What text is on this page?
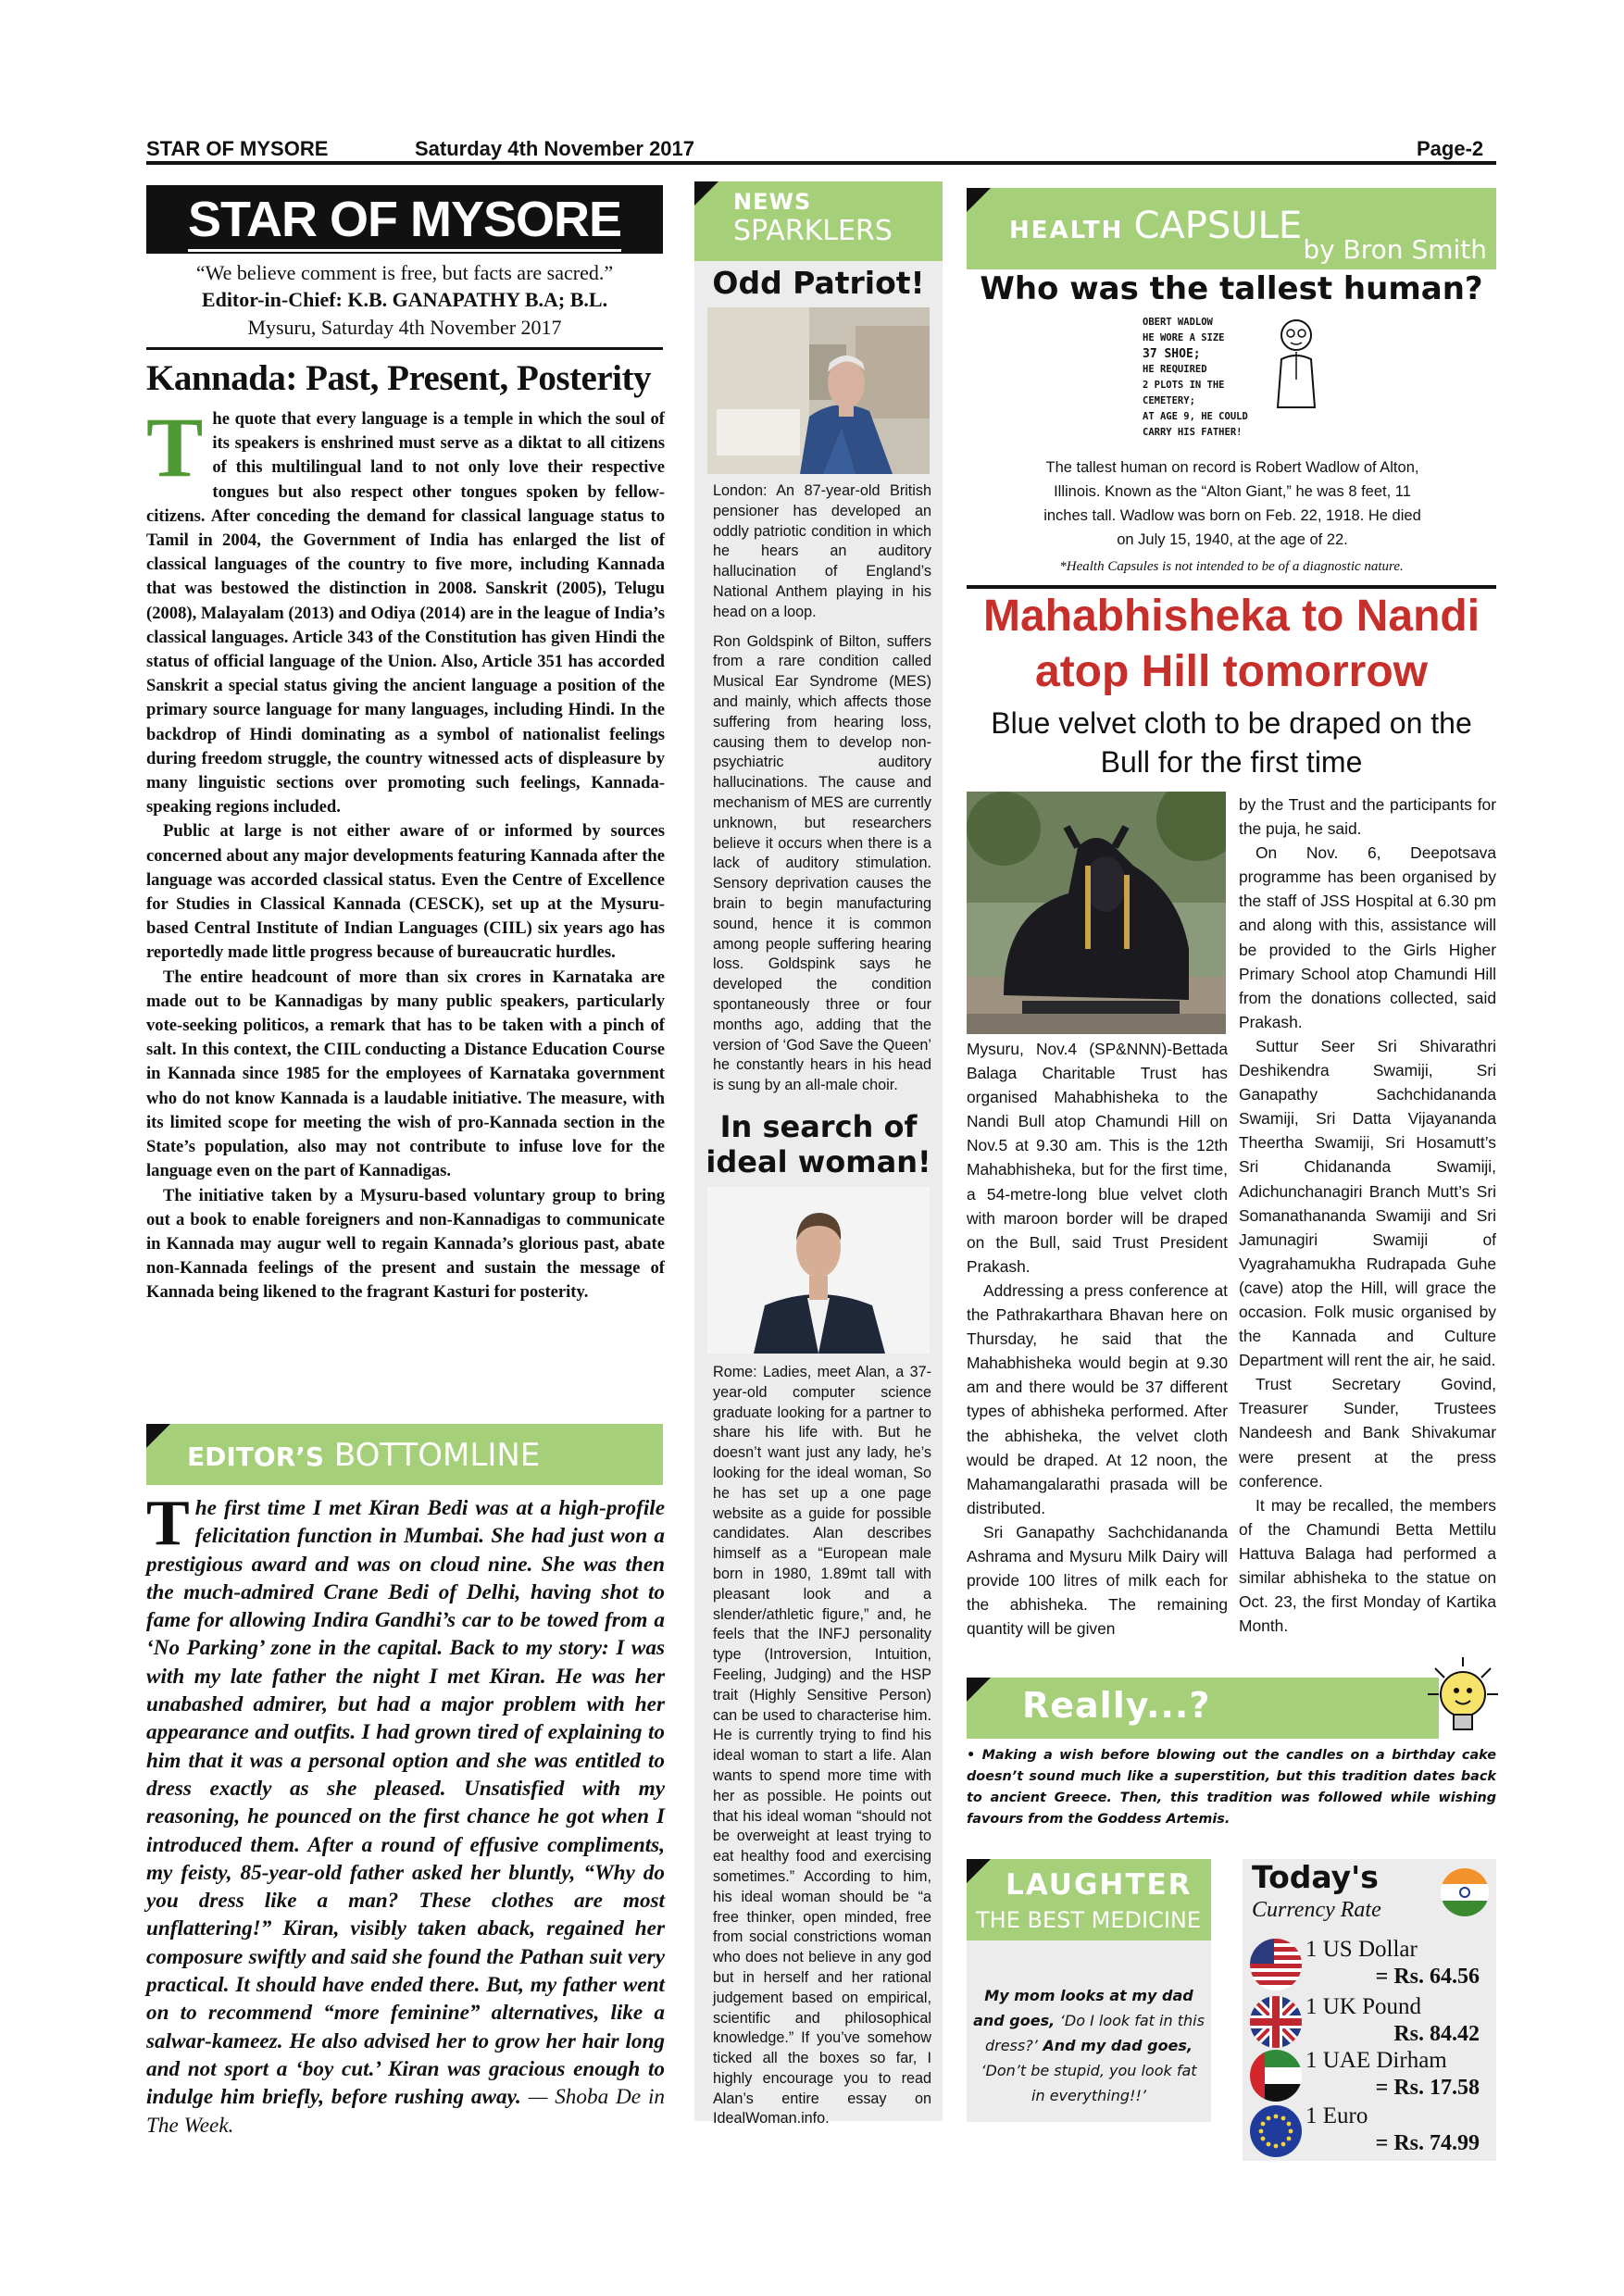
STAR OF MYSORE	Saturday 4th November 2017	Page-2
STAR OF MYSORE
“We believe comment is free, but facts are sacred.”
Editor-in-Chief: K.B. GANAPATHY B.A; B.L.
Mysuru, Saturday 4th November 2017
Kannada: Past, Present, Posterity

The quote that every language is a temple in which the soul of its speakers is enshrined must serve as a diktat to all citizens of this multilingual land to not only love their respective tongues but also respect other tongues spoken by fellow-citizens. After conceding the demand for classical language status to Tamil in 2004, the Government of India has enlarged the list of classical languages of the country to five more, including Kannada that was bestowed the distinction in 2008. Sanskrit (2005), Telugu (2008), Malayalam (2013) and Odiya (2014) are in the league of India’s classical languages. Article 343 of the Constitution has given Hindi the status of official language of the Union. Also, Article 351 has accorded Sanskrit a special status giving the ancient language a position of the primary source language for many languages, including Hindi. In the backdrop of Hindi dominating as a symbol of nationalist feelings during freedom struggle, the country witnessed acts of displeasure by many linguistic sections over promoting such feelings, Kannada-speaking regions included.

Public at large is not either aware of or informed by sources concerned about any major developments featuring Kannada after the language was accorded classical status. Even the Centre of Excellence for Studies in Classical Kannada (CESCK), set up at the Mysuru-based Central Institute of Indian Languages (CIIL) six years ago has reportedly made little progress because of bureaucratic hurdles.

The entire headcount of more than six crores in Karnataka are made out to be Kannadigas by many public speakers, particularly vote-seeking politicos, a remark that has to be taken with a pinch of salt. In this context, the CIIL conducting a Distance Education Course in Kannada since 1985 for the employees of Karnataka government who do not know Kannada is a laudable initiative. The measure, with its limited scope for meeting the wish of pro-Kannada section in the State’s population, also may not contribute to infuse love for the language even on the part of Kannadigas.

The initiative taken by a Mysuru-based voluntary group to bring out a book to enable foreigners and non-Kannadigas to communicate in Kannada may augur well to regain Kannada’s glorious past, abate non-Kannada feelings of the present and sustain the message of Kannada being likened to the fragrant Kasturi for posterity.

EDITOR’S BOTTOMLINE

The first time I met Kiran Bedi was at a high-profile felicitation function in Mumbai. She had just won a prestigious award and was on cloud nine. She was then the much-admired Crane Bedi of Delhi, having shot to fame for allowing Indira Gandhi’s car to be towed from a ‘No Parking’ zone in the capital. Back to my story: I was with my late father the night I met Kiran. He was her unabashed admirer, but had a major problem with her appearance and outfits. I had grown tired of explaining to him that it was a personal option and she was entitled to dress exactly as she pleased. Unsatisfied with my reasoning, he pounced on the first chance he got when I introduced them. After a round of effusive compliments, my feisty, 85-year-old father asked her bluntly, “Why do you dress like a man? These clothes are most unflattering!” Kiran, visibly taken aback, regained her composure swiftly and said she found the Pathan suit very practical. It should have ended there. But, my father went on to recommend “more feminine” alternatives, like a salwar-kameez. He also advised her to grow her hair long and not sport a ‘boy cut.’ Kiran was gracious enough to indulge him briefly, before rushing away. — Shoba De in The Week.

NEWS
SPARKLERS
Odd Patriot!

London: An 87-year-old British pensioner has developed an oddly patriotic condition in which he hears an auditory hallucination of England’s National Anthem playing in his head on a loop.

Ron Goldspink of Bilton, suffers from a rare condition called Musical Ear Syndrome (MES) and mainly, which affects those suffering from hearing loss, causing them to develop non-psychiatric auditory hallucinations. The cause and mechanism of MES are currently unknown, but researchers believe it occurs when there is a lack of auditory stimulation. Sensory deprivation causes the brain to begin manufacturing sound, hence it is common among people suffering hearing loss. Goldspink says he developed the condition spontaneously three or four months ago, adding that the version of ‘God Save the Queen’ he constantly hears in his head is sung by an all-male choir.

In search of ideal woman!

Rome: Ladies, meet Alan, a 37-year-old computer science graduate looking for a partner to share his life with. But he doesn’t want just any lady, he’s looking for the ideal woman, So he has set up a one page website as a guide for possible candidates. Alan describes himself as a “European male born in 1980, 1.89mt tall with pleasant look and a slender/athletic figure,” and, he feels that the INFJ personality type (Introversion, Intuition, Feeling, Judging) and the HSP trait (Highly Sensitive Person) can be used to characterise him. He is currently trying to find his ideal woman to start a life. Alan wants to spend more time with her as possible. He points out that his ideal woman “should not be overweight at least trying to eat healthy food and exercising sometimes.” According to him, his ideal woman should be “a free thinker, open minded, free from social constrictions woman who does not believe in any god but in herself and her rational judgement based on empirical, scientific and philosophical knowledge.” If you’ve somehow ticked all the boxes so far, I highly encourage you to read Alan’s entire essay on IdealWoman.info.

HEALTH CAPSULE
by Bron Smith
Who was the tallest human?
OBERT WADLOW
HE WORE A SIZE
37 SHOE;
HE REQUIRED
2 PLOTS IN THE
CEMETERY;
AT AGE 9, HE COULD
CARRY HIS FATHER!
The tallest human on record is Robert Wadlow of Alton, Illinois. Known as the “Alton Giant,” he was 8 feet, 11 inches tall. Wadlow was born on Feb. 22, 1918. He died on July 15, 1940, at the age of 22.
*Health Capsules is not intended to be of a diagnostic nature.
Mahabhisheka to Nandi atop Hill tomorrow
Blue velvet cloth to be draped on the Bull for the first time

Mysuru, Nov.4 (SP&NNN)-Bettada Balaga Charitable Trust has organised Mahabhisheka to the Nandi Bull atop Chamundi Hill on Nov.5 at 9.30 am. This is the 12th Mahabhisheka, but for the first time, a 54-metre-long blue velvet cloth with maroon border will be draped on the Bull, said Trust President Prakash.

Addressing a press conference at the Pathrakarthara Bhavan here on Thursday, he said that the Mahabhisheka would begin at 9.30 am and there would be 37 different types of abhisheka performed. After the abhisheka, the velvet cloth would be draped. At 12 noon, the Mahamangalarathi prasada will be distributed.

Sri Ganapathy Sachchidananda Ashrama and Mysuru Milk Dairy will provide 100 litres of milk each for the abhisheka. The remaining quantity will be given

by the Trust and the participants for the puja, he said.

On Nov. 6, Deepotsava programme has been organised by the staff of JSS Hospital at 6.30 pm and along with this, assistance will be provided to the Girls Higher Primary School atop Chamundi Hill from the donations collected, said Prakash.

Suttur Seer Sri Shivarathri Deshikendra Swamiji, Sri Ganapathy Sachchidananda Swamiji, Sri Datta Vijayananda Theertha Swamiji, Sri Hosamutt’s Sri Chidananda Swamiji, Adichunchanagiri Branch Mutt’s Sri Somanathananda Swamiji and Sri Jamunagiri Swamiji of Vyagrahamukha Rudrapada Guhe (cave) atop the Hill, will grace the occasion. Folk music organised by the Kannada and Culture Department will rent the air, he said.

Trust Secretary Govind, Treasurer Sunder, Trustees Nandeesh and Bank Shivakumar were present at the press conference.

It may be recalled, the members of the Chamundi Betta Mettilu Hattuva Balaga had performed a similar abhisheka to the statue on Oct. 23, the first Monday of Kartika Month.

Really...?
• Making a wish before blowing out the candles on a birthday cake doesn’t sound much like a superstition, but this tradition dates back to ancient Greece. Then, this tradition was followed while wishing favours from the Goddess Artemis.
LAUGHTER
THE BEST MEDICINE
My mom looks at my dad and goes, ‘Do I look fat in this dress?’ And my dad goes, ‘Don’t be stupid, you look fat in everything!!’
Today's
Currency Rate
1 US Dollar
= Rs. 64.56
1 UK Pound
Rs. 84.42
1 UAE Dirham
= Rs. 17.58
1 Euro
= Rs. 74.99
